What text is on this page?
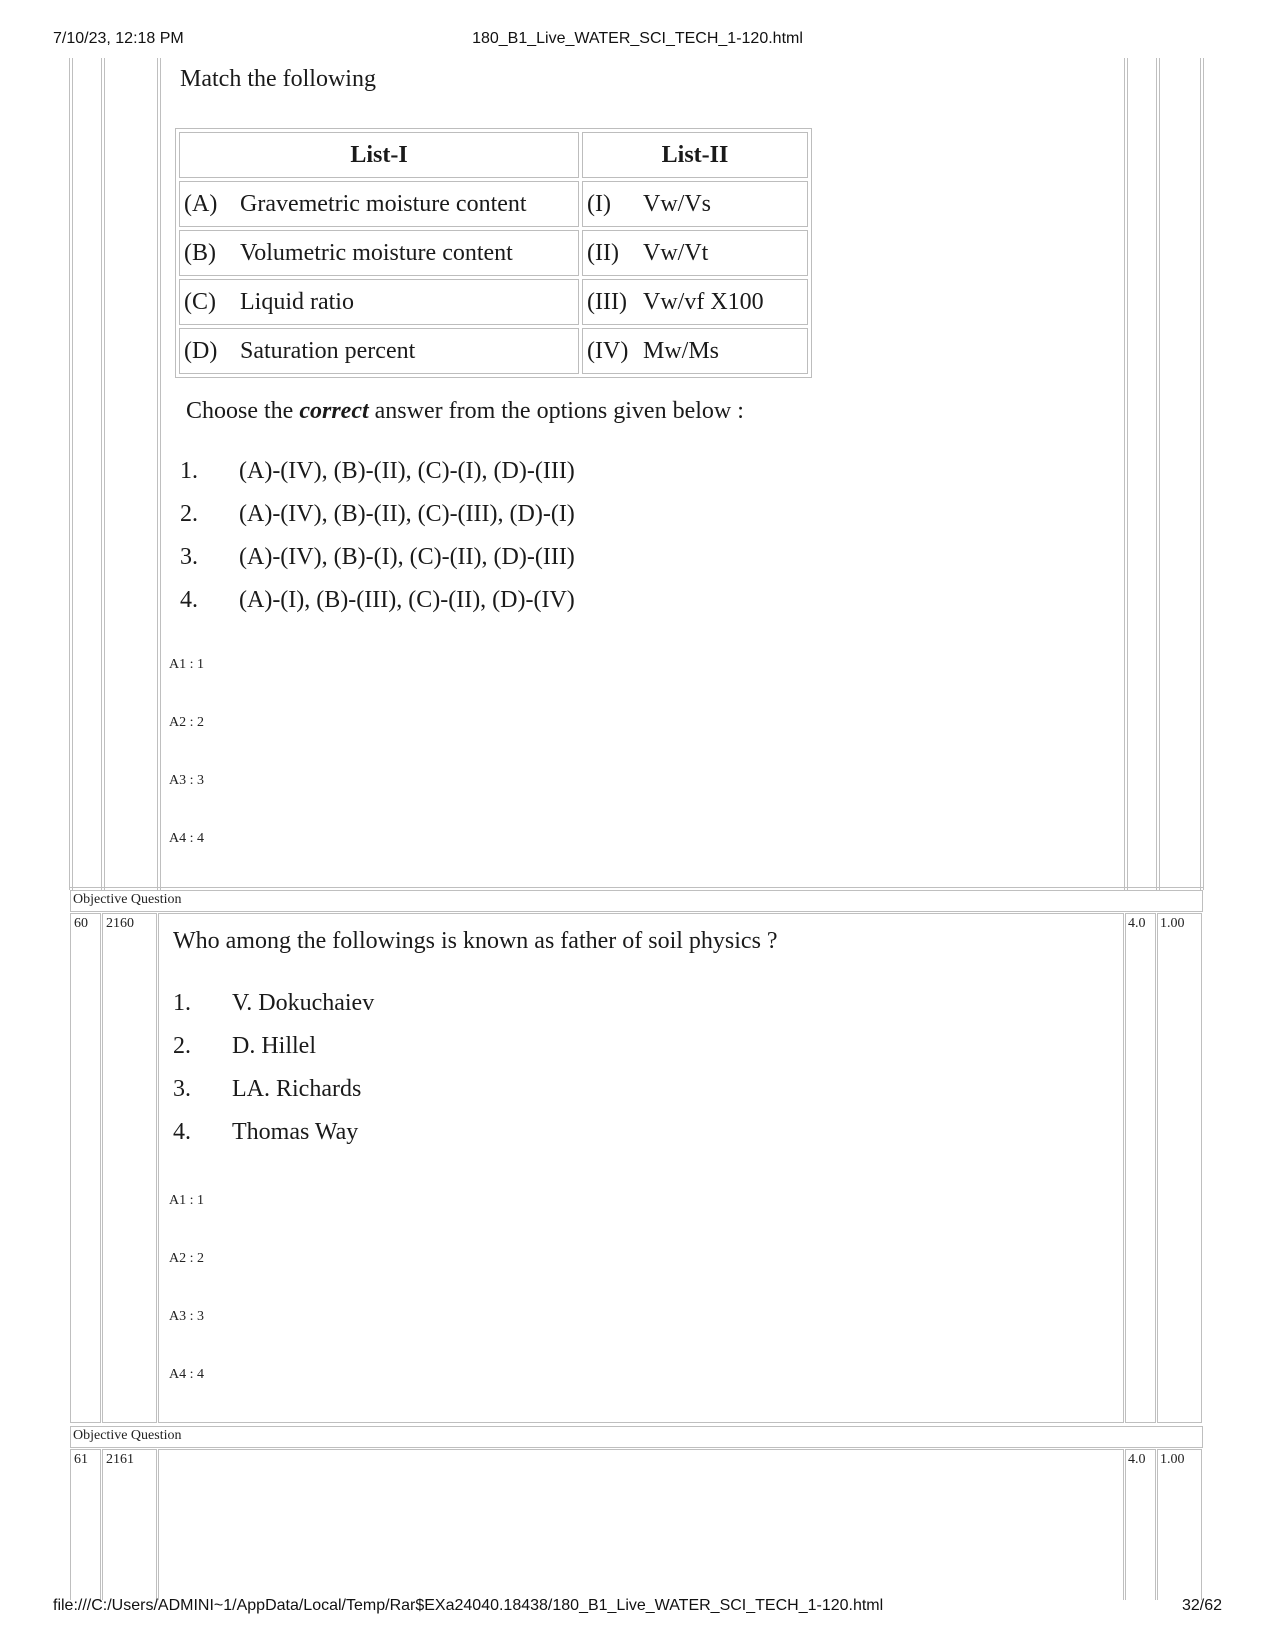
7/10/23, 12:18 PM	180_B1_Live_WATER_SCI_TECH_1-120.html
Match the following
List-I	List-II
(A) Gravemetric moisture content	(I) Vw/Vs
(B) Volumetric moisture content	(II) Vw/Vt
(C) Liquid ratio	(III) Vw/vf X100
(D) Saturation percent	(IV) Mw/Ms
Choose the correct answer from the options given below :
1. (A)-(IV), (B)-(II), (C)-(I), (D)-(III)
2. (A)-(IV), (B)-(II), (C)-(III), (D)-(I)
3. (A)-(IV), (B)-(I), (C)-(II), (D)-(III)
4. (A)-(I), (B)-(III), (C)-(II), (D)-(IV)
A1 : 1
A2 : 2
A3 : 3
A4 : 4
Objective Question
60 2160	4.0 1.00
Who among the followings is known as father of soil physics ?
1. V. Dokuchaiev
2. D. Hillel
3. LA. Richards
4. Thomas Way
A1 : 1
A2 : 2
A3 : 3
A4 : 4
Objective Question
61 2161	4.0 1.00
file:///C:/Users/ADMINI~1/AppData/Local/Temp/Rar$EXa24040.18438/180_B1_Live_WATER_SCI_TECH_1-120.html	32/62
